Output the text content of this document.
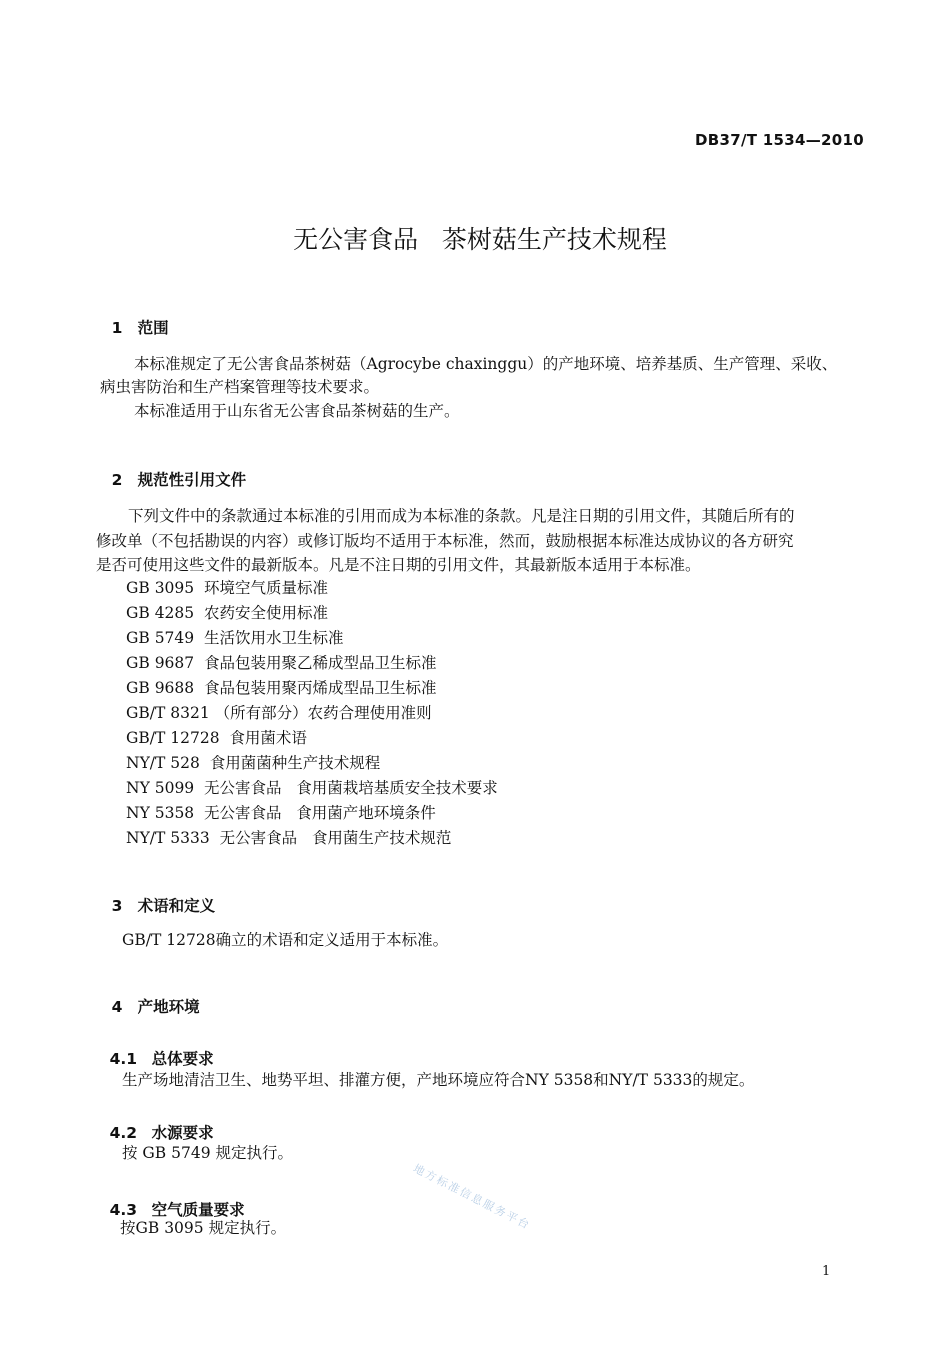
DB37/T 1534—2010
无公害食品   茶树菇生产技术规程

1 范围

本标准规定了无公害食品茶树菇（Agrocybe chaxinggu）的产地环境、培养基质、生产管理、采收、
病虫害防治和生产档案管理等技术要求。
本标准适用于山东省无公害食品茶树菇的生产。

2 规范性引用文件

下列文件中的条款通过本标准的引用而成为本标准的条款。凡是注日期的引用文件，其随后所有的
修改单（不包括勘误的内容）或修订版均不适用于本标准，然而，鼓励根据本标准达成协议的各方研究
是否可使用这些文件的最新版本。凡是不注日期的引用文件，其最新版本适用于本标准。
GB 3095  环境空气质量标准
GB 4285  农药安全使用标准
GB 5749  生活饮用水卫生标准
GB 9687  食品包装用聚乙稀成型品卫生标准
GB 9688  食品包装用聚丙烯成型品卫生标准
GB/T 8321 （所有部分）农药合理使用准则
GB/T 12728  食用菌术语
NY/T 528  食用菌菌种生产技术规程
NY 5099  无公害食品   食用菌栽培基质安全技术要求
NY 5358  无公害食品   食用菌产地环境条件
NY/T 5333  无公害食品   食用菌生产技术规范

3 术语和定义

GB/T 12728确立的术语和定义适用于本标准。

4 产地环境

4.1 总体要求

生产场地清洁卫生、地势平坦、排灌方便，产地环境应符合NY 5358和NY/T 5333的规定。

4.2 水源要求

按 GB 5749 规定执行。

4.3 空气质量要求

按GB 3095 规定执行。	地方标准信息服务平台
1
